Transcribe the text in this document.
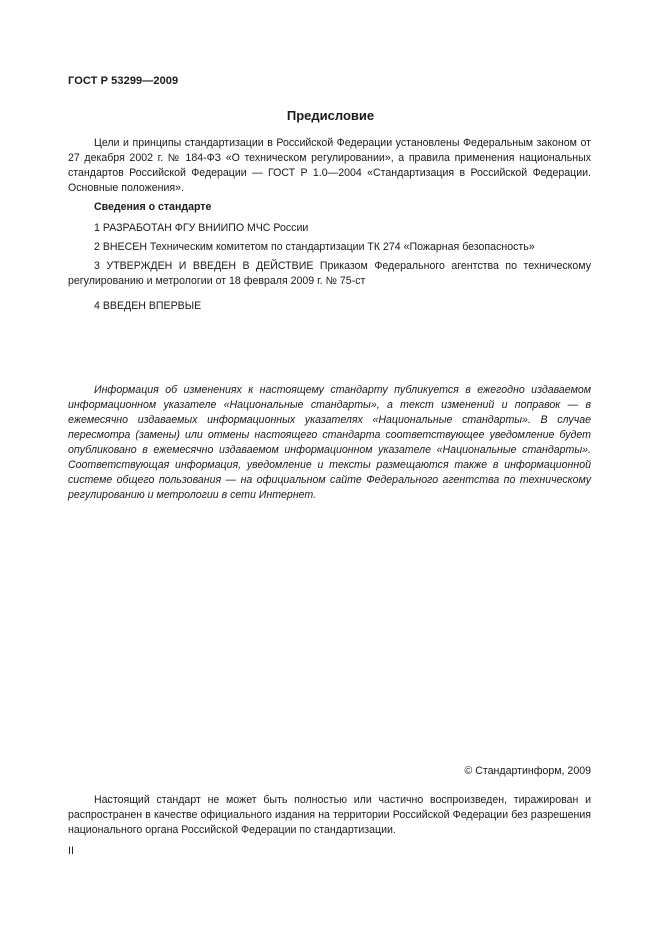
ГОСТ Р 53299—2009
Предисловие
Цели и принципы стандартизации в Российской Федерации установлены Федеральным законом от 27 декабря 2002 г. № 184-ФЗ «О техническом регулировании», а правила применения национальных стандартов Российской Федерации — ГОСТ Р 1.0—2004 «Стандартизация в Российской Федерации. Основные положения».
Сведения о стандарте
1 РАЗРАБОТАН ФГУ ВНИИПО МЧС России
2 ВНЕСЕН Техническим комитетом по стандартизации ТК 274 «Пожарная безопасность»
3 УТВЕРЖДЕН И ВВЕДЕН В ДЕЙСТВИЕ Приказом Федерального агентства по техническому регулированию и метрологии от 18 февраля 2009 г. № 75-ст
4 ВВЕДЕН ВПЕРВЫЕ
Информация об изменениях к настоящему стандарту публикуется в ежегодно издаваемом информационном указателе «Национальные стандарты», а текст изменений и поправок — в ежемесячно издаваемых информационных указателях «Национальные стандарты». В случае пересмотра (замены) или отмены настоящего стандарта соответствующее уведомление будет опубликовано в ежемесячно издаваемом информационном указателе «Национальные стандарты». Соответствующая информация, уведомление и тексты размещаются также в информационной системе общего пользования — на официальном сайте Федерального агентства по техническому регулированию и метрологии в сети Интернет.
© Стандартинформ, 2009
Настоящий стандарт не может быть полностью или частично воспроизведен, тиражирован и распространен в качестве официального издания на территории Российской Федерации без разрешения национального органа Российской Федерации по стандартизации.
II
